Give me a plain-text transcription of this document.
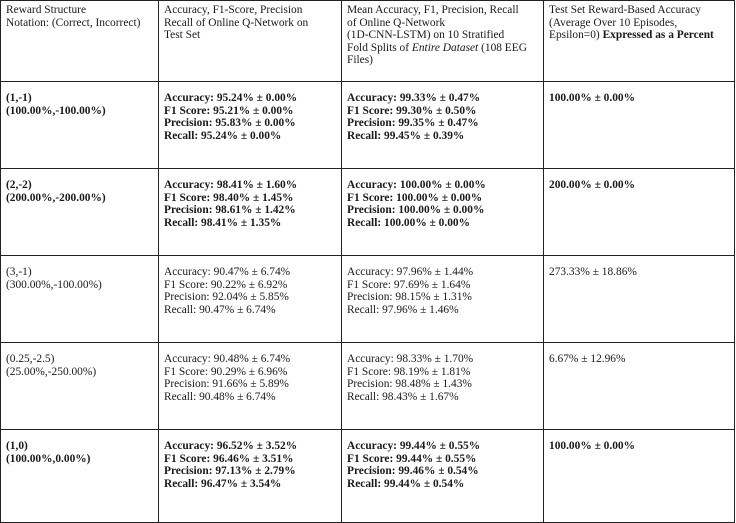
Reward Structure
Notation: (Correct, Incorrect)	Accuracy, F1-Score, Precision
Recall of Online Q-Network on
Test Set	Mean Accuracy, F1, Precision, Recall
of Online Q-Network
(1D-CNN-LSTM) on 10 Stratified
Fold Splits of Entire Dataset (108 EEG
Files)	Test Set Reward-Based Accuracy
(Average Over 10 Episodes,
Epsilon=0) Expressed as a Percent

(1,-1)
(100.00%,-100.00%)	Accuracy: 95.24% ± 0.00%
F1 Score: 95.21% ± 0.00%
Precision: 95.83% ± 0.00%
Recall: 95.24% ± 0.00%	Accuracy: 99.33% ± 0.47%
F1 Score: 99.30% ± 0.50%
Precision: 99.35% ± 0.47%
Recall: 99.45% ± 0.39%	100.00% ± 0.00%

(2,-2)
(200.00%,-200.00%)	Accuracy: 98.41% ± 1.60%
F1 Score: 98.40% ± 1.45%
Precision: 98.61% ± 1.42%
Recall: 98.41% ± 1.35%	Accuracy: 100.00% ± 0.00%
F1 Score: 100.00% ± 0.00%
Precision: 100.00% ± 0.00%
Recall: 100.00% ± 0.00%	200.00% ± 0.00%

(3,-1)
(300.00%,-100.00%)	Accuracy: 90.47% ± 6.74%
F1 Score: 90.22% ± 6.92%
Precision: 92.04% ± 5.85%
Recall: 90.47% ± 6.74%	Accuracy: 97.96% ± 1.44%
F1 Score: 97.69% ± 1.64%
Precision: 98.15% ± 1.31%
Recall: 97.96% ± 1.46%	273.33% ± 18.86%

(0.25,-2.5)
(25.00%,-250.00%)	Accuracy: 90.48% ± 6.74%
F1 Score: 90.29% ± 6.96%
Precision: 91.66% ± 5.89%
Recall: 90.48% ± 6.74%	Accuracy: 98.33% ± 1.70%
F1 Score: 98.19% ± 1.81%
Precision: 98.48% ± 1.43%
Recall: 98.43% ± 1.67%	6.67% ± 12.96%

(1,0)
(100.00%,0.00%)	Accuracy: 96.52% ± 3.52%
F1 Score: 96.46% ± 3.51%
Precision: 97.13% ± 2.79%
Recall: 96.47% ± 3.54%	Accuracy: 99.44% ± 0.55%
F1 Score: 99.44% ± 0.55%
Precision: 99.46% ± 0.54%
Recall: 99.44% ± 0.54%	100.00% ± 0.00%
